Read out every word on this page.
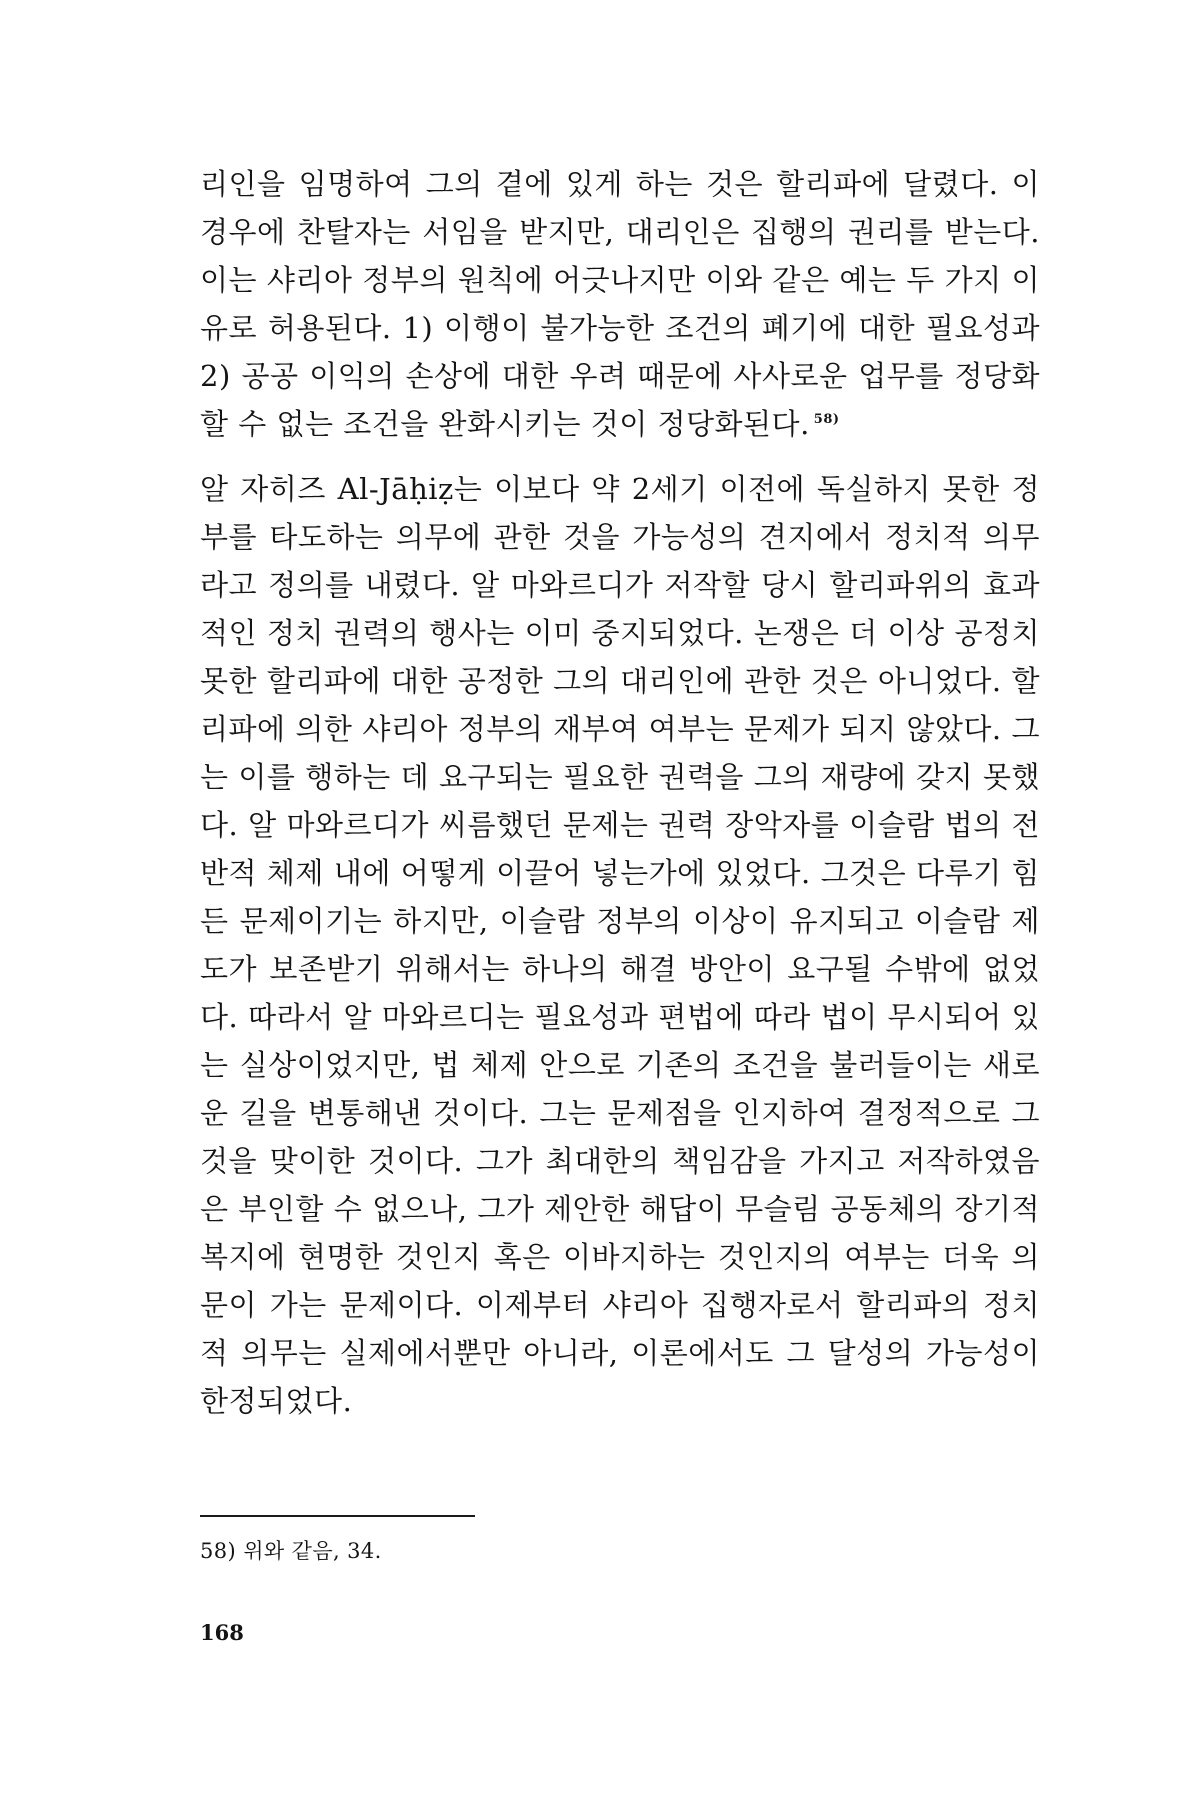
리인을 임명하여 그의 곁에 있게 하는 것은 할리파에 달렸다. 이 경우에 찬탈자는 서임을 받지만, 대리인은 집행의 권리를 받는다. 이는 샤리아 정부의 원칙에 어긋나지만 이와 같은 예는 두 가지 이유로 허용된다. 1) 이행이 불가능한 조건의 폐기에 대한 필요성과 2) 공공 이익의 손상에 대한 우려 때문에 사사로운 업무를 정당화할 수 없는 조건을 완화시키는 것이 정당화된다. $^{58)}$

알 자히즈 Al-Jāḥiẓ는 이보다 약 2세기 이전에 독실하지 못한 정부를 타도하는 의무에 관한 것을 가능성의 견지에서 정치적 의무라고 정의를 내렸다. 알 마와르디가 저작할 당시 할리파위의 효과적인 정치 권력의 행사는 이미 중지되었다. 논쟁은 더 이상 공정치 못한 할리파에 대한 공정한 그의 대리인에 관한 것은 아니었다. 할리파에 의한 샤리아 정부의 재부여 여부는 문제가 되지 않았다. 그는 이를 행하는 데 요구되는 필요한 권력을 그의 재량에 갖지 못했다. 알 마와르디가 씨름했던 문제는 권력 장악자를 이슬람 법의 전반적 체제 내에 어떻게 이끌어 넣는가에 있었다. 그것은 다루기 힘든 문제이기는 하지만, 이슬람 정부의 이상이 유지되고 이슬람 제도가 보존받기 위해서는 하나의 해결 방안이 요구될 수밖에 없었다. 따라서 알 마와르디는 필요성과 편법에 따라 법이 무시되어 있는 실상이었지만, 법 체제 안으로 기존의 조건을 불러들이는 새로운 길을 변통해낸 것이다. 그는 문제점을 인지하여 결정적으로 그것을 맞이한 것이다. 그가 최대한의 책임감을 가지고 저작하였음은 부인할 수 없으나, 그가 제안한 해답이 무슬림 공동체의 장기적 복지에 현명한 것인지 혹은 이바지하는 것인지의 여부는 더욱 의문이 가는 문제이다. 이제부터 샤리아 집행자로서 할리파의 정치적 의무는 실제에서뿐만 아니라, 이론에서도 그 달성의 가능성이 한정되었다.

58) 위와 같음, 34.
168
